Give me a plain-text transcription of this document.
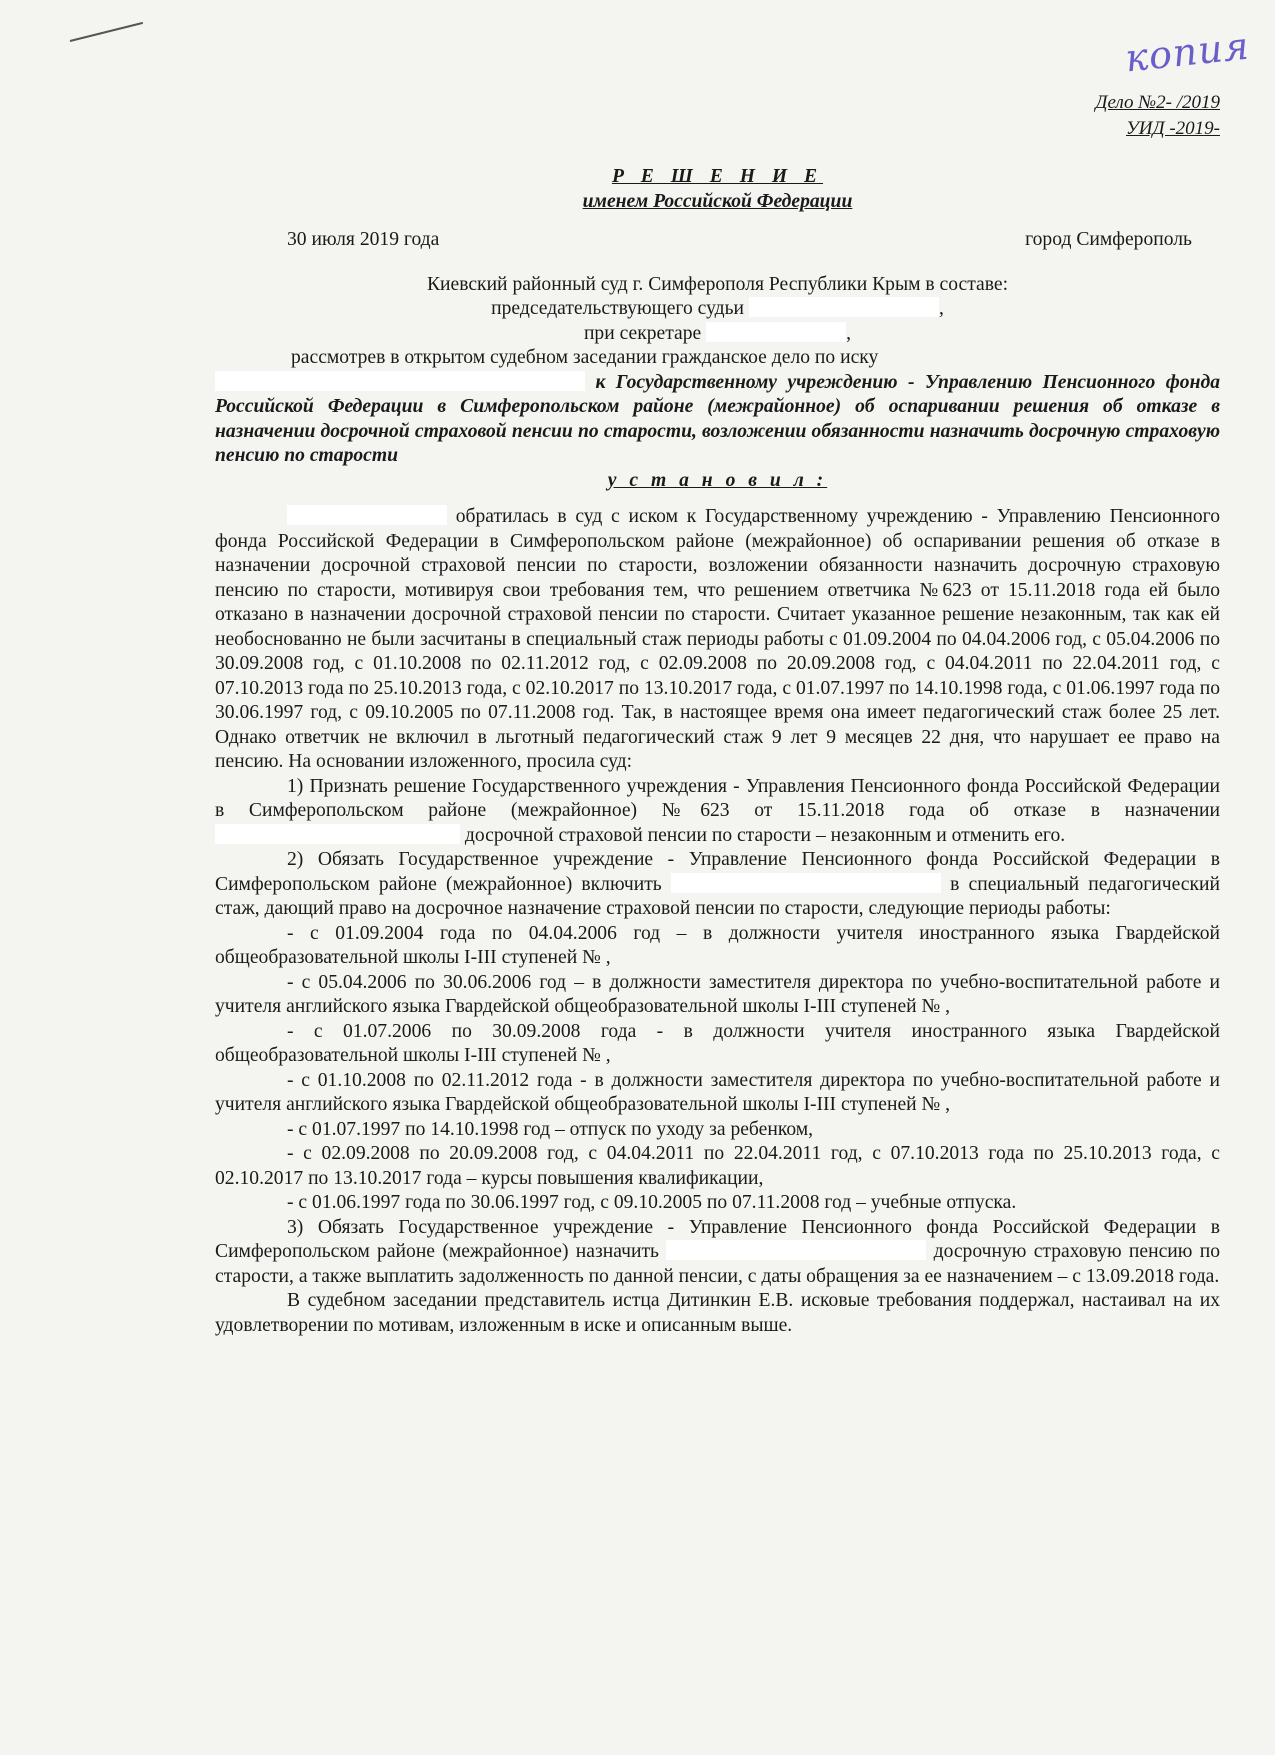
копия
Дело №2- /2019
УИД -2019-
Р Е Ш Е Н И Е
именем Российской Федерации
30 июля 2019 года	город Симферополь
Киевский районный суд г. Симферополя Республики Крым в составе:
председательствующего судьи	,
при секретаре	,
рассмотрев в открытом судебном заседании гражданское дело по иску

к Государственному учреждению - Управлению Пенсионного фонда Российской Федерации в Симферопольском районе (межрайонное) об оспаривании решения об отказе в назначении досрочной страховой пенсии по старости, возложении обязанности назначить досрочную страховую пенсию по старости

у с т а н о в и л :

обратилась в суд с иском к Государственному учреждению - Управлению Пенсионного фонда Российской Федерации в Симферопольском районе (межрайонное) об оспаривании решения об отказе в назначении досрочной страховой пенсии по старости, возложении обязанности назначить досрочную страховую пенсию по старости, мотивируя свои требования тем, что решением ответчика №623 от 15.11.2018 года ей было отказано в назначении досрочной страховой пенсии по старости. Считает указанное решение незаконным, так как ей необоснованно не были засчитаны в специальный стаж периоды работы с 01.09.2004 по 04.04.2006 год, с 05.04.2006 по 30.09.2008 год, с 01.10.2008 по 02.11.2012 год, с 02.09.2008 по 20.09.2008 год, с 04.04.2011 по 22.04.2011 год, с 07.10.2013 года по 25.10.2013 года, с 02.10.2017 по 13.10.2017 года, с 01.07.1997 по 14.10.1998 года, с 01.06.1997 года по 30.06.1997 год, с 09.10.2005 по 07.11.2008 год. Так, в настоящее время она имеет педагогический стаж более 25 лет. Однако ответчик не включил в льготный педагогический стаж 9 лет 9 месяцев 22 дня, что нарушает ее право на пенсию. На основании изложенного, просила суд:

1) Признать решение Государственного учреждения - Управления Пенсионного фонда Российской Федерации в Симферопольском районе (межрайонное) №623 от 15.11.2018 года об отказе в назначении  досрочной страховой пенсии по старости – незаконным и отменить его.

2) Обязать Государственное учреждение - Управление Пенсионного фонда Российской Федерации в Симферопольском районе (межрайонное) включить	в специальный педагогический стаж, дающий право на досрочное назначение страховой пенсии по старости, следующие периоды работы:

- с 01.09.2004 года по 04.04.2006 год – в должности учителя иностранного языка Гвардейской общеобразовательной школы I-III ступеней № ,

- с 05.04.2006 по 30.06.2006 год – в должности заместителя директора по учебно-воспитательной работе и учителя английского языка Гвардейской общеобразовательной школы I-III ступеней № ,

- с 01.07.2006 по 30.09.2008 года - в должности учителя иностранного языка Гвардейской общеобразовательной школы I-III ступеней № ,

- с 01.10.2008 по 02.11.2012 года - в должности заместителя директора по учебно-воспитательной работе и учителя английского языка Гвардейской общеобразовательной школы I-III ступеней № ,

- с 01.07.1997 по 14.10.1998 год – отпуск по уходу за ребенком,

- с 02.09.2008 по 20.09.2008 год, с 04.04.2011 по 22.04.2011 год, с 07.10.2013 года по 25.10.2013 года, с 02.10.2017 по 13.10.2017 года – курсы повышения квалификации,

- с 01.06.1997 года по 30.06.1997 год, с 09.10.2005 по 07.11.2008 год – учебные отпуска.

3) Обязать Государственное учреждение - Управление Пенсионного фонда Российской Федерации в Симферопольском районе (межрайонное) назначить	досрочную страховую пенсию по старости, а также выплатить задолженность по данной пенсии, с даты обращения за ее назначением – с 13.09.2018 года.

В судебном заседании представитель истца Дитинкин Е.В. исковые требования поддержал, настаивал на их удовлетворении по мотивам, изложенным в иске и описанным выше.
